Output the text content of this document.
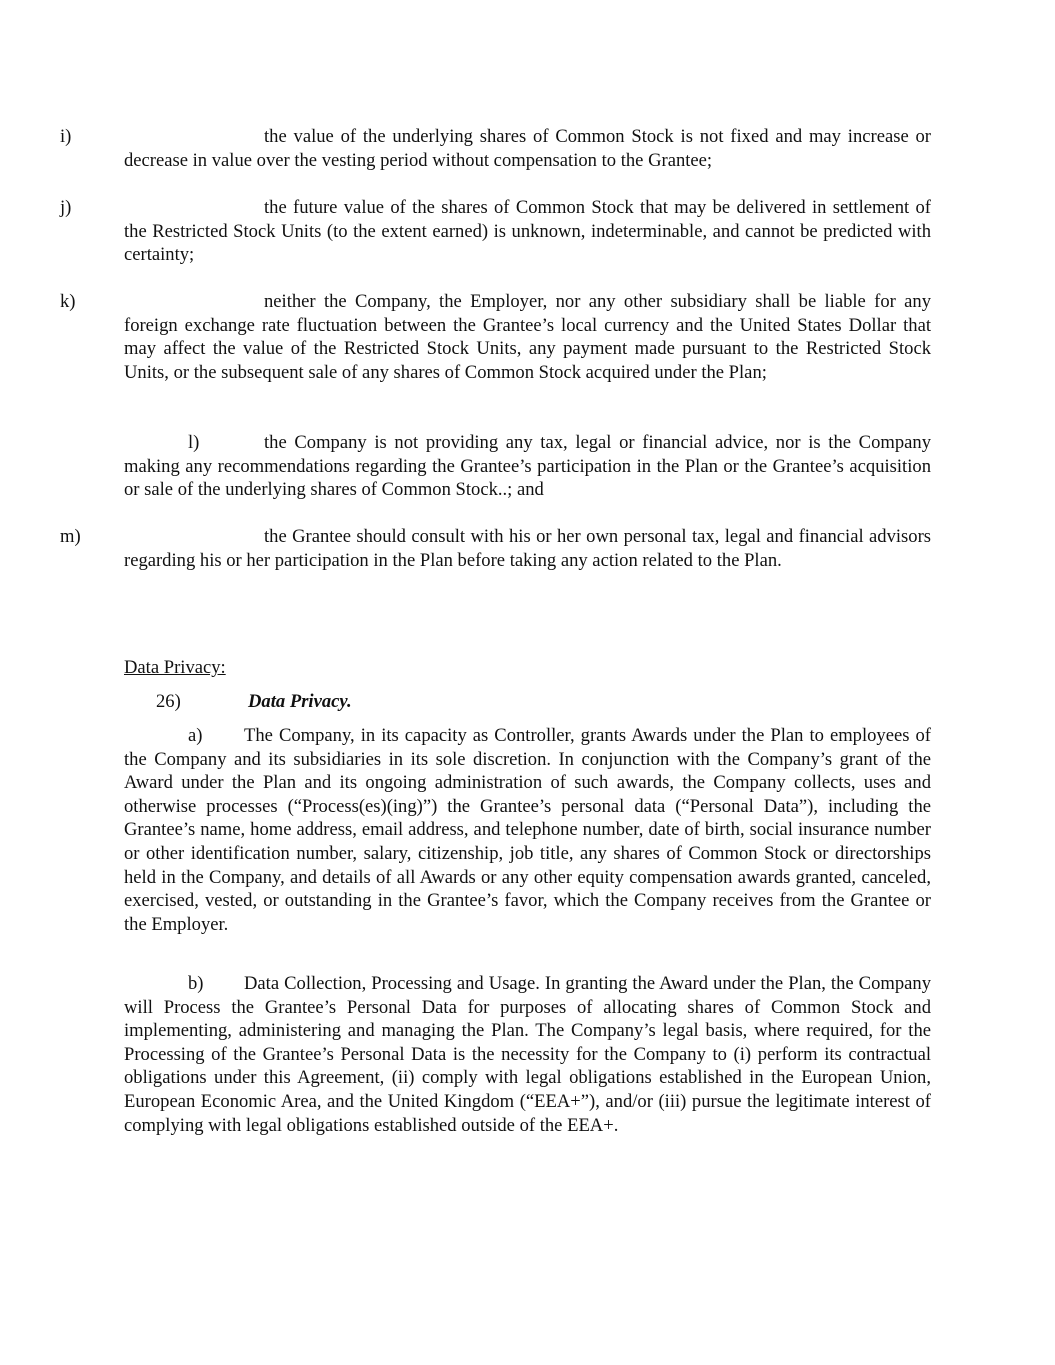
i)	the value of the underlying shares of Common Stock is not fixed and may increase or decrease in value over the vesting period without compensation to the Grantee;

j)	the future value of the shares of Common Stock that may be delivered in settlement of the Restricted Stock Units (to the extent earned) is unknown, indeterminable, and cannot be predicted with certainty;

k)	neither the Company, the Employer, nor any other subsidiary shall be liable for any foreign exchange rate fluctuation between the Grantee’s local currency and the United States Dollar that may affect the value of the Restricted Stock Units, any payment made pursuant to the Restricted Stock Units, or the subsequent sale of any shares of Common Stock acquired under the Plan;

l)	the Company is not providing any tax, legal or financial advice, nor is the Company making any recommendations regarding the Grantee’s participation in the Plan or the Grantee’s acquisition or sale of the underlying shares of Common Stock..; and

m)	the Grantee should consult with his or her own personal tax, legal and financial advisors regarding his or her participation in the Plan before taking any action related to the Plan.

Data Privacy:

26)	Data Privacy.

a) The Company, in its capacity as Controller, grants Awards under the Plan to employees of the Company and its subsidiaries in its sole discretion. In conjunction with the Company’s grant of the Award under the Plan and its ongoing administration of such awards, the Company collects, uses and otherwise processes (“Process(es)(ing)”) the Grantee’s personal data (“Personal Data”), including the Grantee’s name, home address, email address, and telephone number, date of birth, social insurance number or other identification number, salary, citizenship, job title, any shares of Common Stock or directorships held in the Company, and details of all Awards or any other equity compensation awards granted, canceled, exercised, vested, or outstanding in the Grantee’s favor, which the Company receives from the Grantee or the Employer.

b) Data Collection, Processing and Usage. In granting the Award under the Plan, the Company will Process the Grantee’s Personal Data for purposes of allocating shares of Common Stock and implementing, administering and managing the Plan. The Company’s legal basis, where required, for the Processing of the Grantee’s Personal Data is the necessity for the Company to (i) perform its contractual obligations under this Agreement, (ii) comply with legal obligations established in the European Union, European Economic Area, and the United Kingdom (“EEA+”), and/or (iii) pursue the legitimate interest of complying with legal obligations established outside of the EEA+.
